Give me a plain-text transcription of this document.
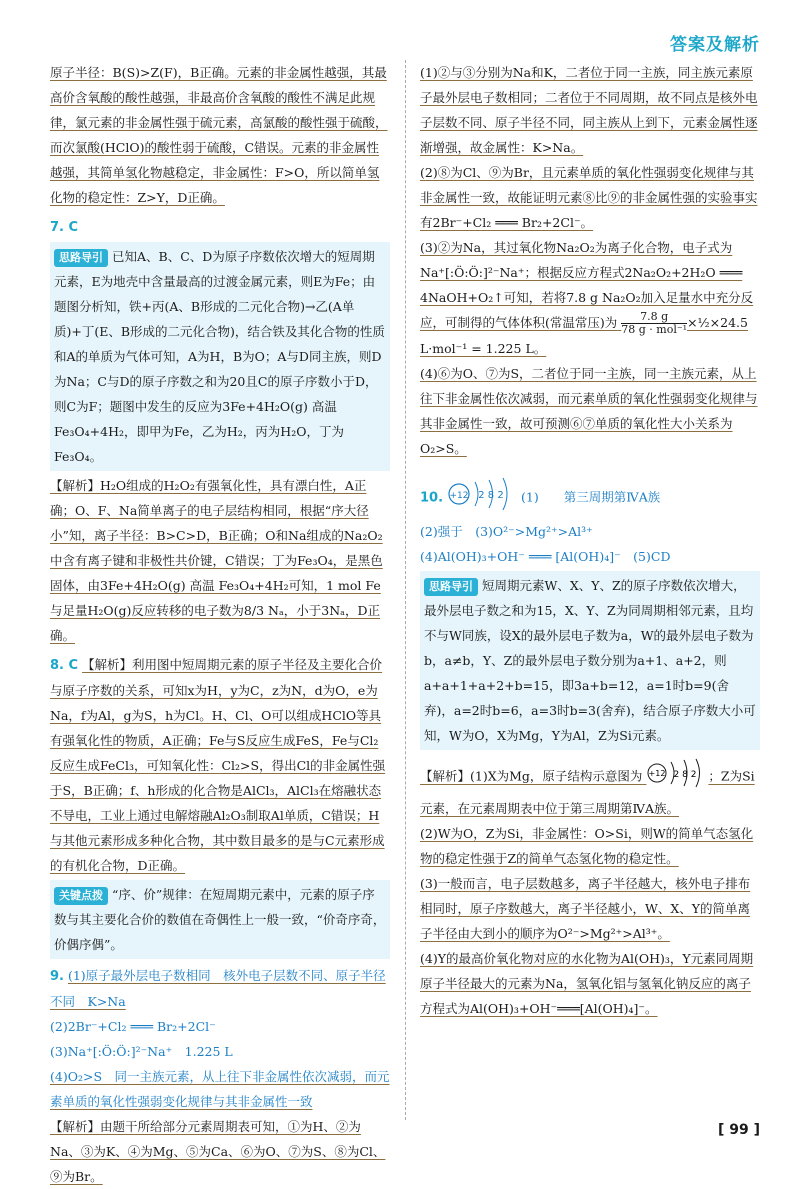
答案及解析

原子半径：B(S)>Z(F)，B正确。元素的非金属性越强，其最高价含氧酸的酸性越强，非最高价含氧酸的酸性不满足此规律，氯元素的非金属性强于硫元素，高氯酸的酸性强于硫酸，而次氯酸(HClO)的酸性弱于硫酸，C错误。元素的非金属性越强，其简单氢化物越稳定，非金属性：F>O，所以简单氢化物的稳定性：Z>Y，D正确。

7. C

思路导引 已知A、B、C、D为原子序数依次增大的短周期元素，E为地壳中含量最高的过渡金属元素，则E为Fe；由题图分析知，铁+丙(A、B形成的二元化合物)→乙(A单质)+丁(E、B形成的二元化合物)，结合铁及其化合物的性质和A的单质为气体可知，A为H，B为O；A与D同主族，则D为Na；C与D的原子序数之和为20且C的原子序数小于D，则C为F；题图中发生的反应为3Fe+4H₂O(g) 高温 Fe₃O₄+4H₂，即甲为Fe，乙为H₂，丙为H₂O，丁为Fe₃O₄。

【解析】H₂O组成的H₂O₂有强氧化性，具有漂白性，A正确；O、F、Na简单离子的电子层结构相同，根据“序大径小”知，离子半径：B>C>D，B正确；O和Na组成的Na₂O₂中含有离子键和非极性共价键，C错误；丁为Fe₃O₄，是黑色固体，由3Fe+4H₂O(g) 高温 Fe₃O₄+4H₂可知，1 mol Fe与足量H₂O(g)反应转移的电子数为8/3 Nₐ，小于3Nₐ，D正确。

8. C 【解析】利用图中短周期元素的原子半径及主要化合价与原子序数的关系，可知x为H，y为C，z为N，d为O，e为Na，f为Al，g为S，h为Cl。H、Cl、O可以组成HClO等具有强氧化性的物质，A正确；Fe与S反应生成FeS，Fe与Cl₂反应生成FeCl₃，可知氧化性：Cl₂>S，得出Cl的非金属性强于S，B正确；f、h形成的化合物是AlCl₃，AlCl₃在熔融状态不导电，工业上通过电解熔融Al₂O₃制取Al单质，C错误；H与其他元素形成多种化合物，其中数目最多的是与C元素形成的有机化合物，D正确。

关键点拨 “序、价”规律：在短周期元素中，元素的原子序数与其主要化合价的数值在奇偶性上一般一致，“价奇序奇，价偶序偶”。

9. (1)原子最外层电子数相同　核外电子层数不同、原子半径不同　K>Na

(2)2Br⁻+Cl₂ ═══ Br₂+2Cl⁻

(3)Na⁺[:Ö:Ö:]²⁻Na⁺　1.225 L

(4)O₂>S　同一主族元素，从上往下非金属性依次减弱，而元素单质的氧化性强弱变化规律与其非金属性一致

【解析】由题干所给部分元素周期表可知，①为H、②为Na、③为K、④为Mg、⑤为Ca、⑥为O、⑦为S、⑧为Cl、⑨为Br。

(1)②与③分别为Na和K，二者位于同一主族，同主族元素原子最外层电子数相同；二者位于不同周期，故不同点是核外电子层数不同、原子半径不同，同主族从上到下，元素金属性逐渐增强，故金属性：K>Na。

(2)⑧为Cl、⑨为Br，且元素单质的氧化性强弱变化规律与其非金属性一致，故能证明元素⑧比⑨的非金属性强的实验事实有2Br⁻+Cl₂ ═══ Br₂+2Cl⁻。

(3)②为Na，其过氧化物Na₂O₂为离子化合物，电子式为Na⁺[:Ö:Ö:]²⁻Na⁺；根据反应方程式2Na₂O₂+2H₂O ═══ 4NaOH+O₂↑可知，若将7.8 g Na₂O₂加入足量水中充分反应，可制得的气体体积(常温常压)为 $\frac{7.8 g}{\text{78 g · mol⁻¹}}$ ×½×24.5 L·mol⁻¹ = 1.225 L。

(4)⑥为O、⑦为S，二者位于同一主族，同一主族元素，从上往下非金属性依次减弱，而元素单质的氧化性强弱变化规律与其非金属性一致，故可预测⑥⑦单质的氧化性大小关系为O₂>S。

10. +12 2 8 2 (1)　　第三周期第ⅣA族

(2)强于　(3)O²⁻>Mg²⁺>Al³⁺

(4)Al(OH)₃+OH⁻ ═══ [Al(OH)₄]⁻　(5)CD

思路导引 短周期元素W、X、Y、Z的原子序数依次增大，最外层电子数之和为15，X、Y、Z为同周期相邻元素，且均不与W同族，设X的最外层电子数为a，W的最外层电子数为b，a≠b，Y、Z的最外层电子数分别为a+1、a+2，则a+a+1+a+2+b=15，即3a+b=12，a=1时b=9(舍弃)，a=2时b=6，a=3时b=3(舍弃)，结合原子序数大小可知，W为O，X为Mg，Y为Al，Z为Si元素。

【解析】(1)X为Mg，原子结构示意图为 +12 2 8 2 ；Z为Si元素，在元素周期表中位于第三周期第ⅣA族。

(2)W为O，Z为Si，非金属性：O>Si，则W的简单气态氢化物的稳定性强于Z的简单气态氢化物的稳定性。

(3)一般而言，电子层数越多，离子半径越大，核外电子排布相同时，原子序数越大，离子半径越小，W、X、Y的简单离子半径由大到小的顺序为O²⁻>Mg²⁺>Al³⁺。

(4)Y的最高价氧化物对应的水化物为Al(OH)₃，Y元素同周期原子半径最大的元素为Na，氢氧化铝与氢氧化钠反应的离子方程式为Al(OH)₃+OH⁻═══[Al(OH)₄]⁻。

[ 99 ]
